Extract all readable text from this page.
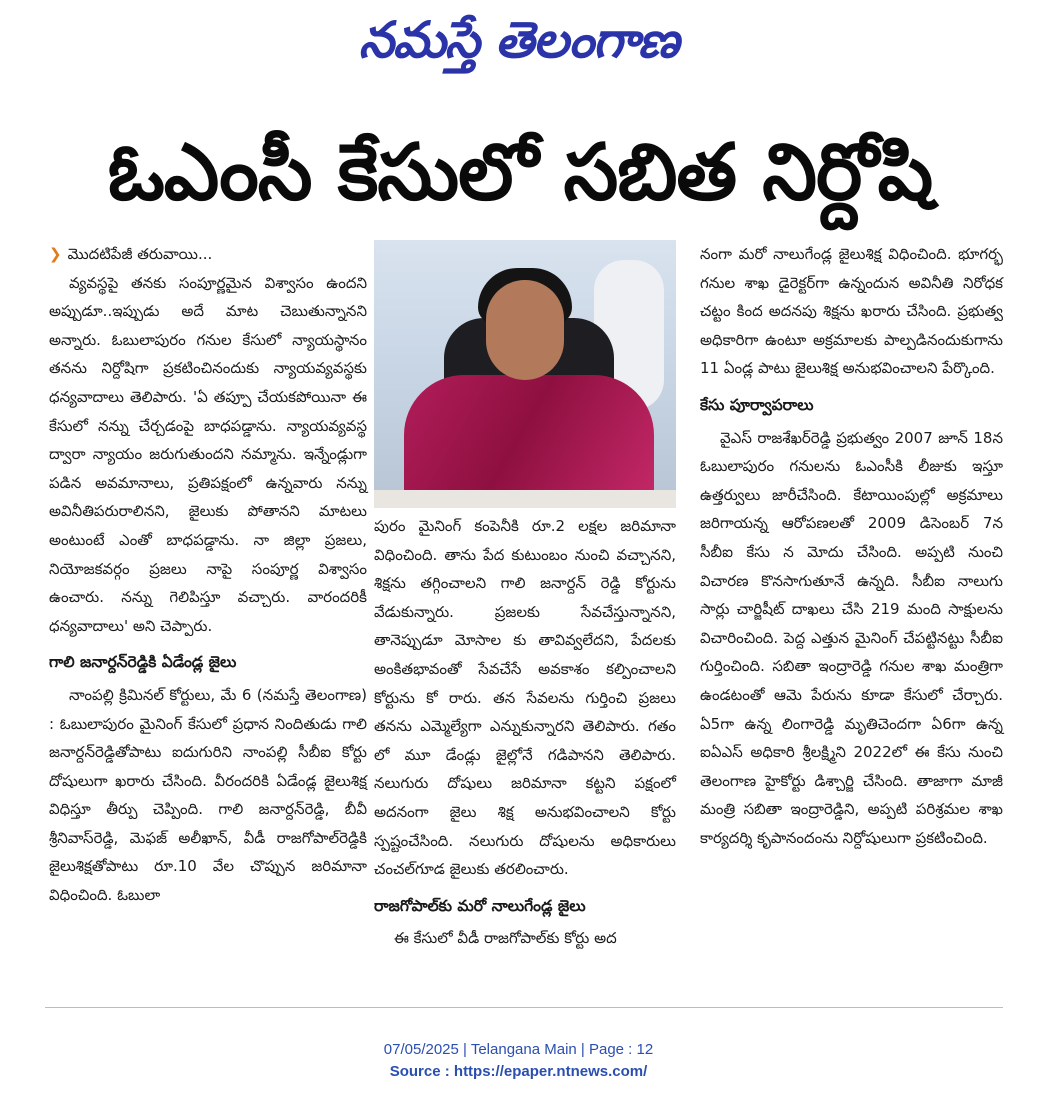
నమస్తే తెలంగాణ
ఓఎంసీ కేసులో సబిత నిర్దోషి

❯ మొదటిపేజీ తరువాయి...

వ్యవస్థపై తనకు సంపూర్ణమైన విశ్వాసం ఉందని అప్పుడూ..ఇప్పుడు అదే మాట చెబుతున్నానని అన్నారు. ఓబులాపురం గనుల కేసులో న్యాయస్థానం తనను నిర్దోషిగా ప్రకటించినందుకు న్యాయవ్యవస్థకు ధన్యవాదాలు తెలిపారు. 'ఏ తప్పూ చేయకపోయినా ఈ కేసులో నన్ను చేర్చడంపై బాధపడ్డాను. న్యాయవ్యవస్థ ద్వారా న్యాయం జరుగుతుందని నమ్మాను. ఇన్నేండ్లుగా పడిన అవమానాలు, ప్రతిపక్షంలో ఉన్నవారు నన్ను అవినీతిపరురాలినని, జైలుకు పోతానని మాటలు అంటుంటే ఎంతో బాధపడ్డాను. నా జిల్లా ప్రజలు, నియోజకవర్గం ప్రజలు నాపై సంపూర్ణ విశ్వాసం ఉంచారు. నన్ను గెలిపిస్తూ వచ్చారు. వారందరికీ ధన్యవాదాలు' అని చెప్పారు.

గాలి జనార్దన్‌రెడ్డికి ఏడేండ్ల జైలు

నాంపల్లి క్రిమినల్ కోర్టులు, మే 6 (నమస్తే తెలంగాణ) : ఓబులాపురం మైనింగ్ కేసులో ప్రధాన నిందితుడు గాలి జనార్దన్‌రెడ్డితోపాటు ఐదుగురిని నాంపల్లి సీబీఐ కోర్టు దోషులుగా ఖరారు చేసింది. వీరందరికి ఏడేండ్ల జైలుశిక్ష విధిస్తూ తీర్పు చెప్పింది. గాలి జనార్దన్‌రెడ్డి, బీవీ శ్రీనివాస్‌రెడ్డి, మెఫజ్ అలీఖాన్, వీడీ రాజగోపాల్‌రెడ్డికి జైలుశిక్షతోపాటు రూ.10 వేల చొప్పున జరిమానా విధించింది. ఓబులా

పురం మైనింగ్ కంపెనీకి రూ.2 లక్షల జరిమానా విధించింది. తాను పేద కుటుంబం నుంచి వచ్చానని, శిక్షను తగ్గించాలని గాలి జనార్దన్ రెడ్డి కోర్టును వేడుకున్నారు. ప్రజలకు సేవచేస్తున్నానని, తానెప్పుడూ మోసాల కు తావివ్వలేదని, పేదలకు అంకితభావంతో సేవచేసే అవకాశం కల్పించాలని కోర్టును కో రారు. తన సేవలను గుర్తించి ప్రజలు తనను ఎమ్మెల్యేగా ఎన్నుకున్నారని తెలిపారు. గతం లో మూ డేండ్లు జైల్లోనే గడిపానని తెలిపారు. నలుగురు దోషులు జరిమానా కట్టని పక్షంలో అదనంగా జైలు శిక్ష అనుభవించాలని కోర్టు స్పష్టంచేసింది. నలుగురు దోషులను అధికారులు చంచల్‌గూడ జైలుకు తరలించారు.

రాజగోపాల్‌కు మరో నాలుగేండ్ల జైలు

ఈ కేసులో వీడీ రాజగోపాల్‌కు కోర్టు అద

నంగా మరో నాలుగేండ్ల జైలుశిక్ష విధించింది. భూగర్భ గనుల శాఖ డైరెక్టర్‌గా ఉన్నందున అవినీతి నిరోధక చట్టం కింద అదనపు శిక్షను ఖరారు చేసింది. ప్రభుత్వ అధికారిగా ఉంటూ అక్రమాలకు పాల్పడినందుకుగాను 11 ఏండ్ల పాటు జైలుశిక్ష అనుభవించాలని పేర్కొంది.

కేసు పూర్వాపరాలు

వైఎస్ రాజశేఖర్‌రెడ్డి ప్రభుత్వం 2007 జూన్ 18న ఓబులాపురం గనులను ఓఎంసీకి లీజుకు ఇస్తూ ఉత్తర్వులు జారీచేసింది. కేటాయింపుల్లో అక్రమాలు జరిగాయన్న ఆరోపణలతో 2009 డిసెంబర్ 7న సీబీఐ కేసు న మోదు చేసింది. అప్పటి నుంచి విచారణ కొనసాగుతూనే ఉన్నది. సీబీఐ నాలుగు సార్లు చార్జిషీట్ దాఖలు చేసి 219 మంది సాక్షులను విచారించింది. పెద్ద ఎత్తున మైనింగ్ చేపట్టినట్టు సీబీఐ గుర్తించింది. సబితా ఇంద్రారెడ్డి గనుల శాఖ మంత్రిగా ఉండటంతో ఆమె పేరును కూడా కేసులో చేర్చారు. ఏ5గా ఉన్న లింగారెడ్డి మృతిచెందగా ఏ6గా ఉన్న ఐఏఎస్ అధికారి శ్రీలక్ష్మిని 2022లో ఈ కేసు నుంచి తెలంగాణ హైకోర్టు డిశ్చార్జి చేసింది. తాజాగా మాజీ మంత్రి సబితా ఇంద్రారెడ్డిని, అప్పటి పరిశ్రమల శాఖ కార్యదర్శి కృపానందంను నిర్దోషులుగా ప్రకటించింది.

07/05/2025 | Telangana Main | Page : 12
Source : https://epaper.ntnews.com/
